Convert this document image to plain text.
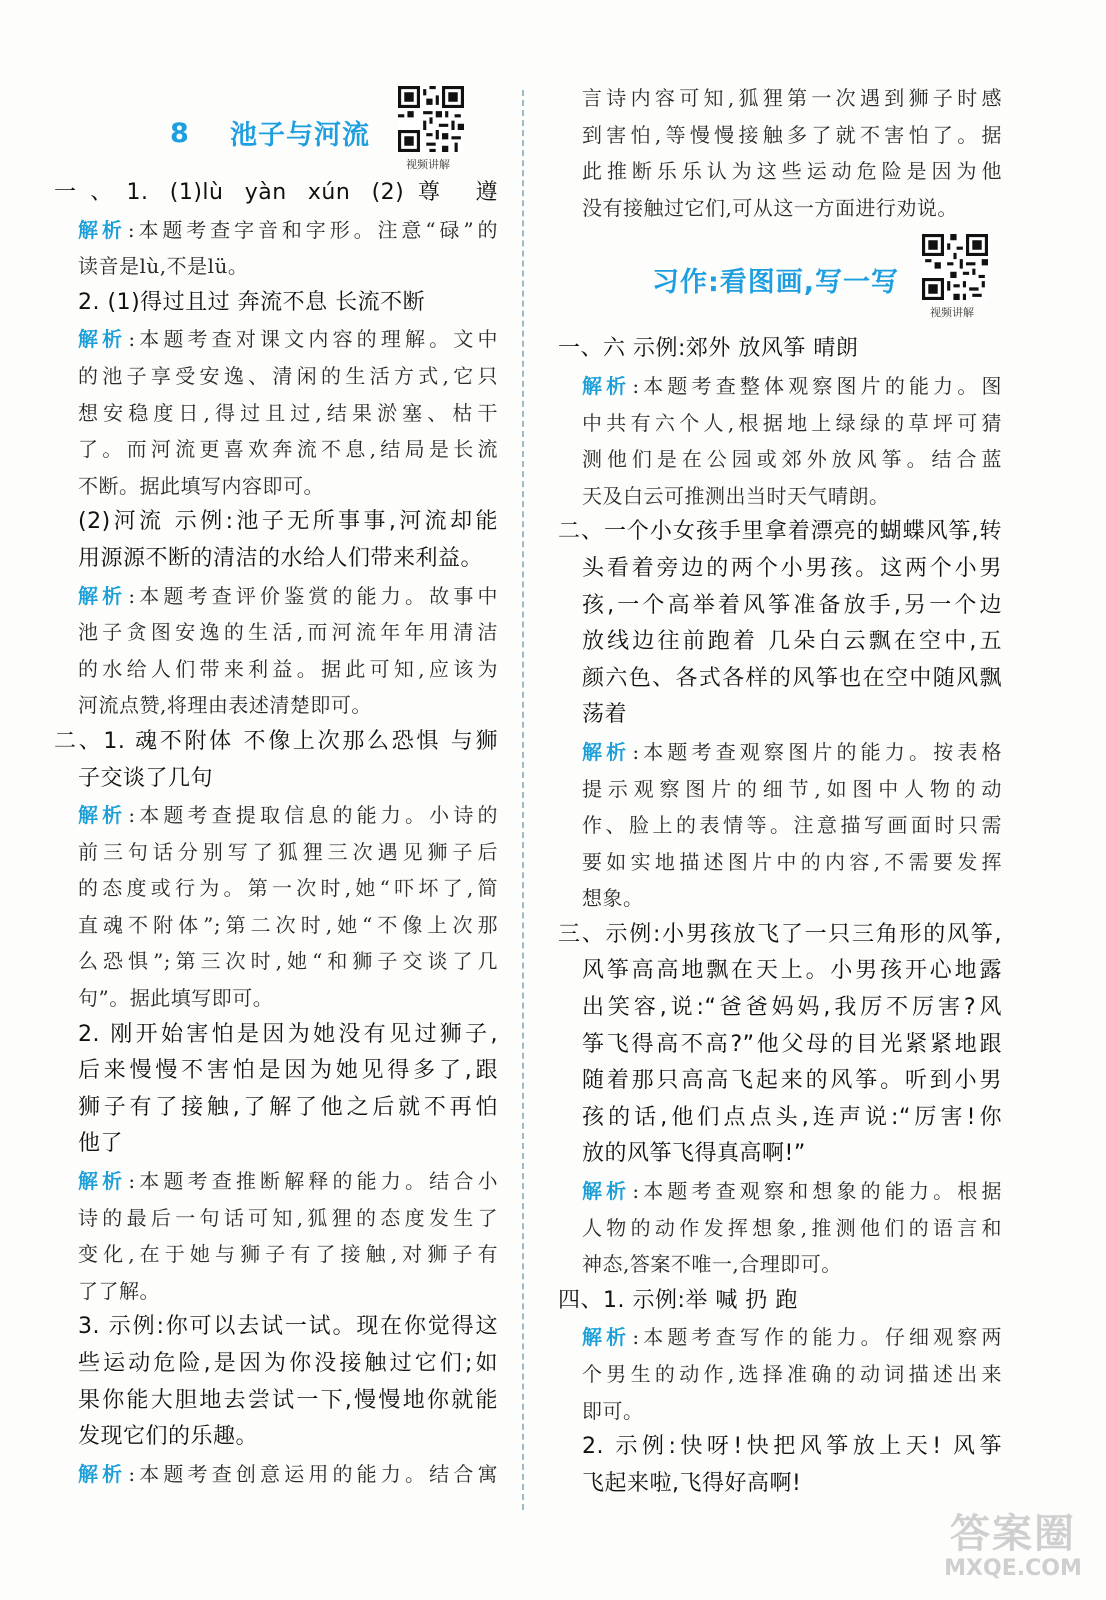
8 池子与河流
视频讲解
一、1. (1)lù yàn xún (2)尊 遵
解析 :本题考查字音和字形。注意“碌”的
读音是lù,不是lü。
2. (1)得过且过 奔流不息 长流不断
解析 :本题考查对课文内容的理解。文中
的池子享受安逸、清闲的生活方式,它只
想安稳度日,得过且过,结果淤塞、枯干
了。而河流更喜欢奔流不息,结局是长流
不断。据此填写内容即可。
(2)河流 示例:池子无所事事,河流却能
用源源不断的清洁的水给人们带来利益。
解析 :本题考查评价鉴赏的能力。故事中
池子贪图安逸的生活,而河流年年用清洁
的水给人们带来利益。据此可知,应该为
河流点赞,将理由表述清楚即可。
二、1. 魂不附体 不像上次那么恐惧 与狮
子交谈了几句
解析 :本题考查提取信息的能力。小诗的
前三句话分别写了狐狸三次遇见狮子后
的态度或行为。第一次时,她“吓坏了,简
直魂不附体”;第二次时,她“不像上次那
么恐惧”;第三次时,她“和狮子交谈了几
句”。据此填写即可。
2. 刚开始害怕是因为她没有见过狮子,
后来慢慢不害怕是因为她见得多了,跟
狮子有了接触,了解了他之后就不再怕
他了
解析 :本题考查推断解释的能力。结合小
诗的最后一句话可知,狐狸的态度发生了
变化,在于她与狮子有了接触,对狮子有
了了解。
3. 示例:你可以去试一试。现在你觉得这
些运动危险,是因为你没接触过它们;如
果你能大胆地去尝试一下,慢慢地你就能
发现它们的乐趣。
解析 :本题考查创意运用的能力。结合寓
言诗内容可知,狐狸第一次遇到狮子时感
到害怕,等慢慢接触多了就不害怕了。据
此推断乐乐认为这些运动危险是因为他
没有接触过它们,可从这一方面进行劝说。
习作:看图画,写一写
视频讲解
一、六 示例:郊外 放风筝 晴朗
解析 :本题考查整体观察图片的能力。图
中共有六个人,根据地上绿绿的草坪可猜
测他们是在公园或郊外放风筝。结合蓝
天及白云可推测出当时天气晴朗。
二、一个小女孩手里拿着漂亮的蝴蝶风筝,转
头看着旁边的两个小男孩。这两个小男
孩,一个高举着风筝准备放手,另一个边
放线边往前跑着 几朵白云飘在空中,五
颜六色、各式各样的风筝也在空中随风飘
荡着
解析 :本题考查观察图片的能力。按表格
提示观察图片的细节,如图中人物的动
作、脸上的表情等。注意描写画面时只需
要如实地描述图片中的内容,不需要发挥
想象。
三、示例:小男孩放飞了一只三角形的风筝,
风筝高高地飘在天上。小男孩开心地露
出笑容,说:“爸爸妈妈,我厉不厉害?风
筝飞得高不高?”他父母的目光紧紧地跟
随着那只高高飞起来的风筝。听到小男
孩的话,他们点点头,连声说:“厉害!你
放的风筝飞得真高啊!”
解析 :本题考查观察和想象的能力。根据
人物的动作发挥想象,推测他们的语言和
神态,答案不唯一,合理即可。
四、1. 示例:举 喊 扔 跑
解析 :本题考查写作的能力。仔细观察两
个男生的动作,选择准确的动词描述出来
即可。
2. 示例:快呀!快把风筝放上天! 风筝
飞起来啦,飞得好高啊!
答案圈
MXQE.COM
